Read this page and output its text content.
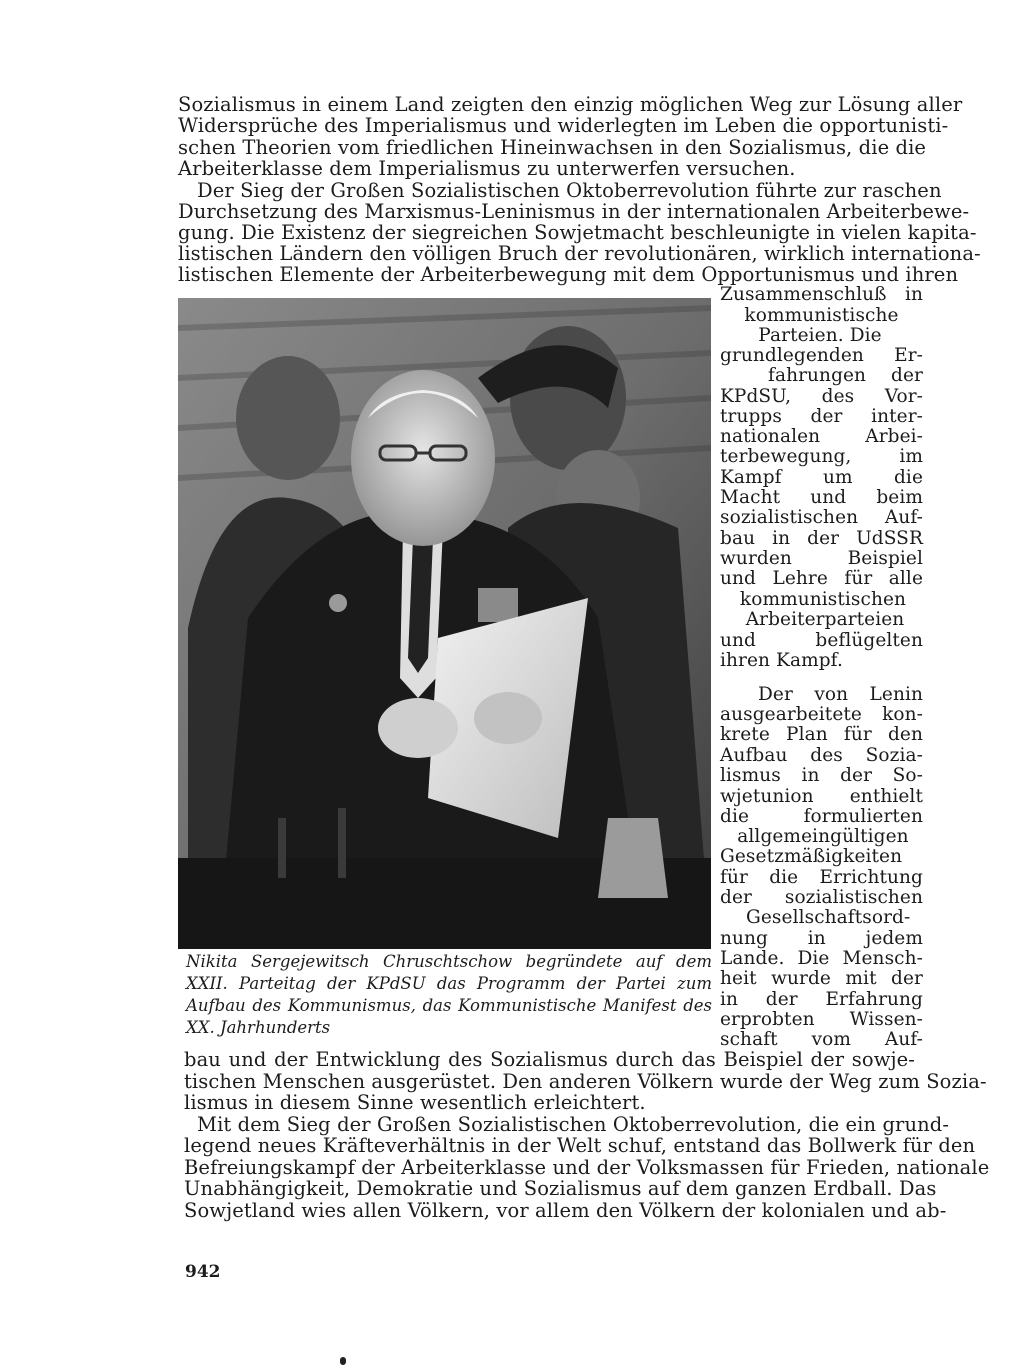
Sozialismus in einem Land zeigten den einzig möglichen Weg zur Lösung aller
Widersprüche des Imperialismus und widerlegten im Leben die opportunisti-
schen Theorien vom friedlichen Hineinwachsen in den Sozialismus, die die
Arbeiterklasse dem Imperialismus zu unterwerfen versuchen.
Der Sieg der Großen Sozialistischen Oktoberrevolution führte zur raschen
Durchsetzung des Marxismus-Leninismus in der internationalen Arbeiterbewe-
gung. Die Existenz der siegreichen Sowjetmacht beschleunigte in vielen kapita-
listischen Ländern den völligen Bruch der revolutionären, wirklich internationa-
listischen Elemente der Arbeiterbewegung mit dem Opportunismus und ihren
Zusammenschluß in
kommunistische
Parteien. Die
grundlegenden Er-
fahrungen der
KPdSU, des Vor-
trupps der inter-
nationalen Arbei-
terbewegung, im
Kampf um die
Macht und beim
sozialistischen Auf-
bau in der UdSSR
wurden Beispiel
und Lehre für alle
kommunistischen
Arbeiterparteien
und beflügelten
ihren Kampf.
Der von Lenin
ausgearbeitete kon-
krete Plan für den
Aufbau des Sozia-
lismus in der So-
wjetunion enthielt
die formulierten
allgemeingültigen
Gesetzmäßigkeiten
für die Errichtung
der sozialistischen
Gesellschaftsord-
nung in jedem
Lande. Die Mensch-
heit wurde mit der
in der Erfahrung
erprobten Wissen-
schaft vom Auf-
Nikita Sergejewitsch Chruschtschow begründete auf dem
XXII. Parteitag der KPdSU das Programm der Partei zum
Aufbau des Kommunismus, das Kommunistische Manifest des
XX. Jahrhunderts
bau und der Entwicklung des Sozialismus durch das Beispiel der sowje-
tischen Menschen ausgerüstet. Den anderen Völkern wurde der Weg zum Sozia-
lismus in diesem Sinne wesentlich erleichtert.
Mit dem Sieg der Großen Sozialistischen Oktoberrevolution, die ein grund-
legend neues Kräfteverhältnis in der Welt schuf, entstand das Bollwerk für den
Befreiungskampf der Arbeiterklasse und der Volksmassen für Frieden, nationale
Unabhängigkeit, Demokratie und Sozialismus auf dem ganzen Erdball. Das
Sowjetland wies allen Völkern, vor allem den Völkern der kolonialen und ab-
942
